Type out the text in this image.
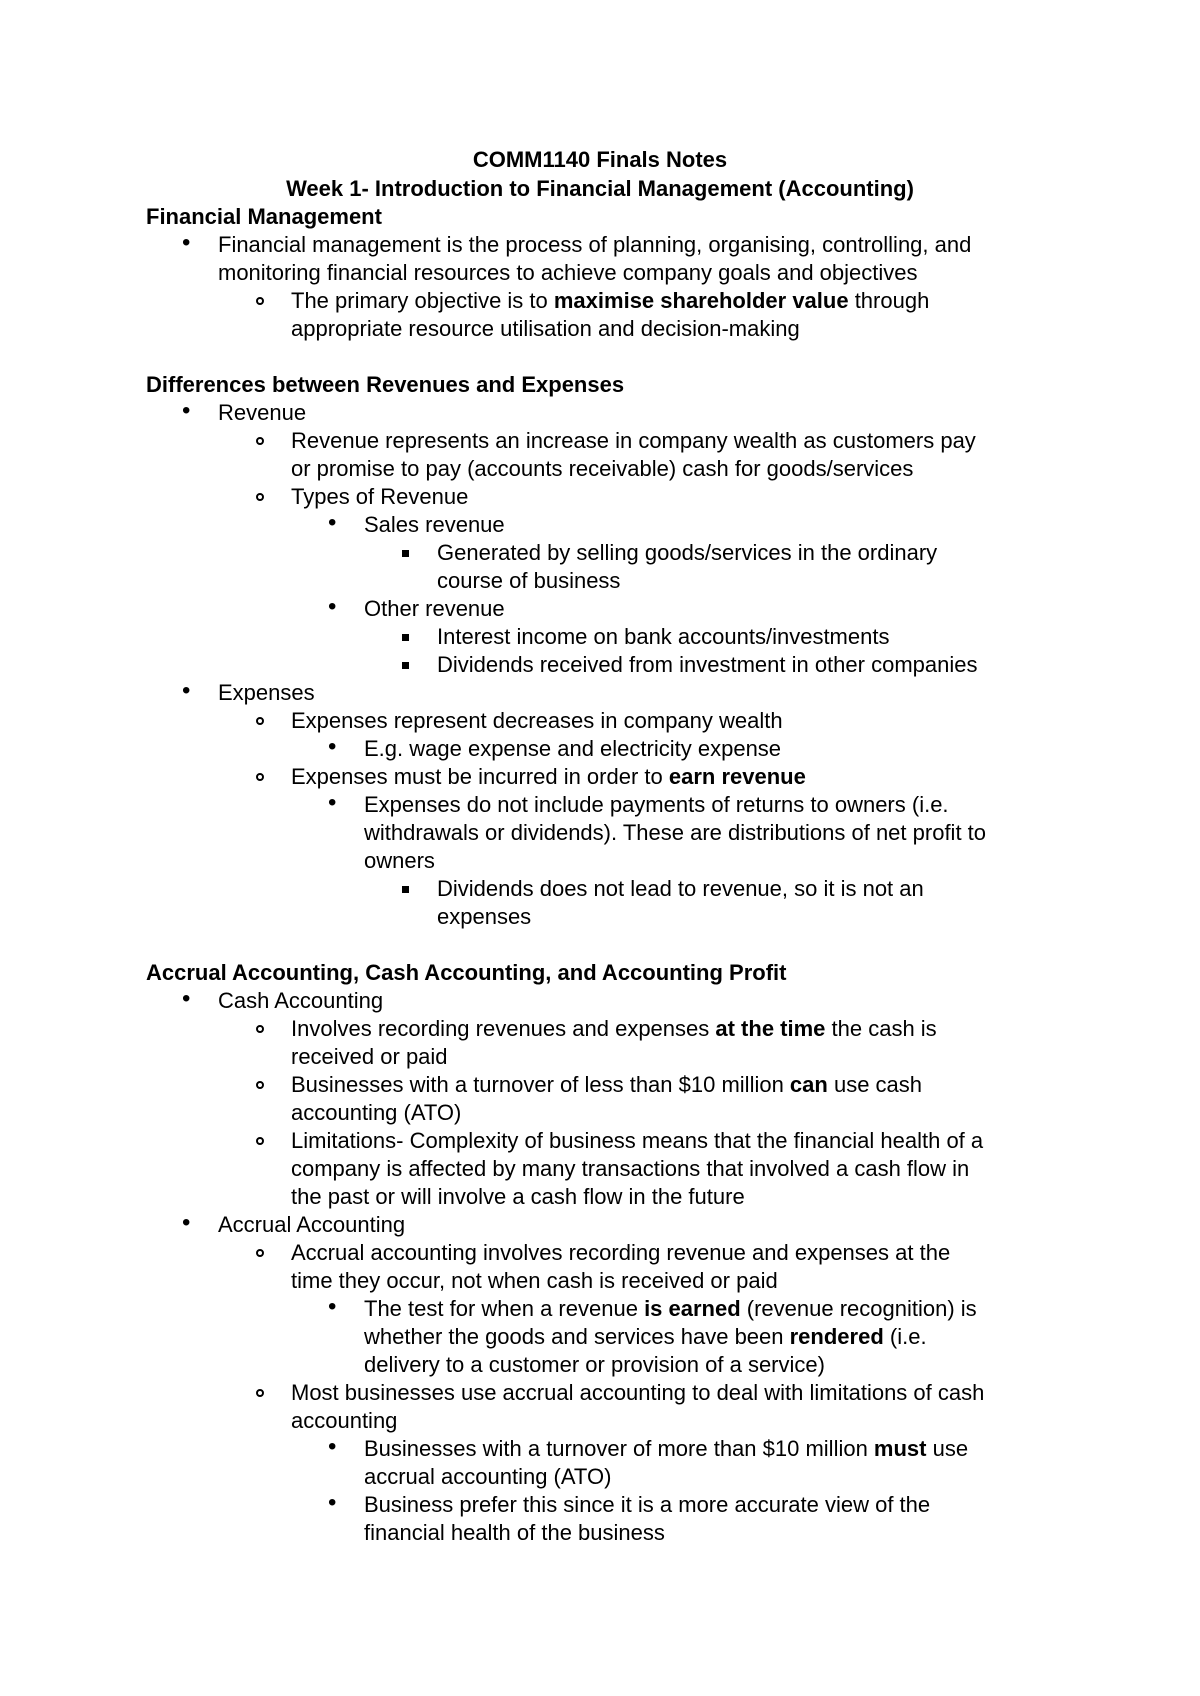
COMM1140 Finals Notes
Week 1- Introduction to Financial Management (Accounting)
Financial Management
•
Financial management is the process of planning, organising, controlling, and
monitoring financial resources to achieve company goals and objectives
The primary objective is to maximise shareholder value through
appropriate resource utilisation and decision-making
Differences between Revenues and Expenses
•
Revenue
Revenue represents an increase in company wealth as customers pay
or promise to pay (accounts receivable) cash for goods/services
Types of Revenue
•
Sales revenue
Generated by selling goods/services in the ordinary
course of business
•
Other revenue
Interest income on bank accounts/investments
Dividends received from investment in other companies
•
Expenses
Expenses represent decreases in company wealth
•
E.g. wage expense and electricity expense
Expenses must be incurred in order to earn revenue
•
Expenses do not include payments of returns to owners (i.e.
withdrawals or dividends). These are distributions of net profit to
owners
Dividends does not lead to revenue, so it is not an
expenses
Accrual Accounting, Cash Accounting, and Accounting Profit
•
Cash Accounting
Involves recording revenues and expenses at the time the cash is
received or paid
Businesses with a turnover of less than $10 million can use cash
accounting (ATO)
Limitations- Complexity of business means that the financial health of a
company is affected by many transactions that involved a cash flow in
the past or will involve a cash flow in the future
•
Accrual Accounting
Accrual accounting involves recording revenue and expenses at the
time they occur, not when cash is received or paid
•
The test for when a revenue is earned (revenue recognition) is
whether the goods and services have been rendered (i.e.
delivery to a customer or provision of a service)
Most businesses use accrual accounting to deal with limitations of cash
accounting
•
Businesses with a turnover of more than $10 million must use
accrual accounting (ATO)
•
Business prefer this since it is a more accurate view of the
financial health of the business
